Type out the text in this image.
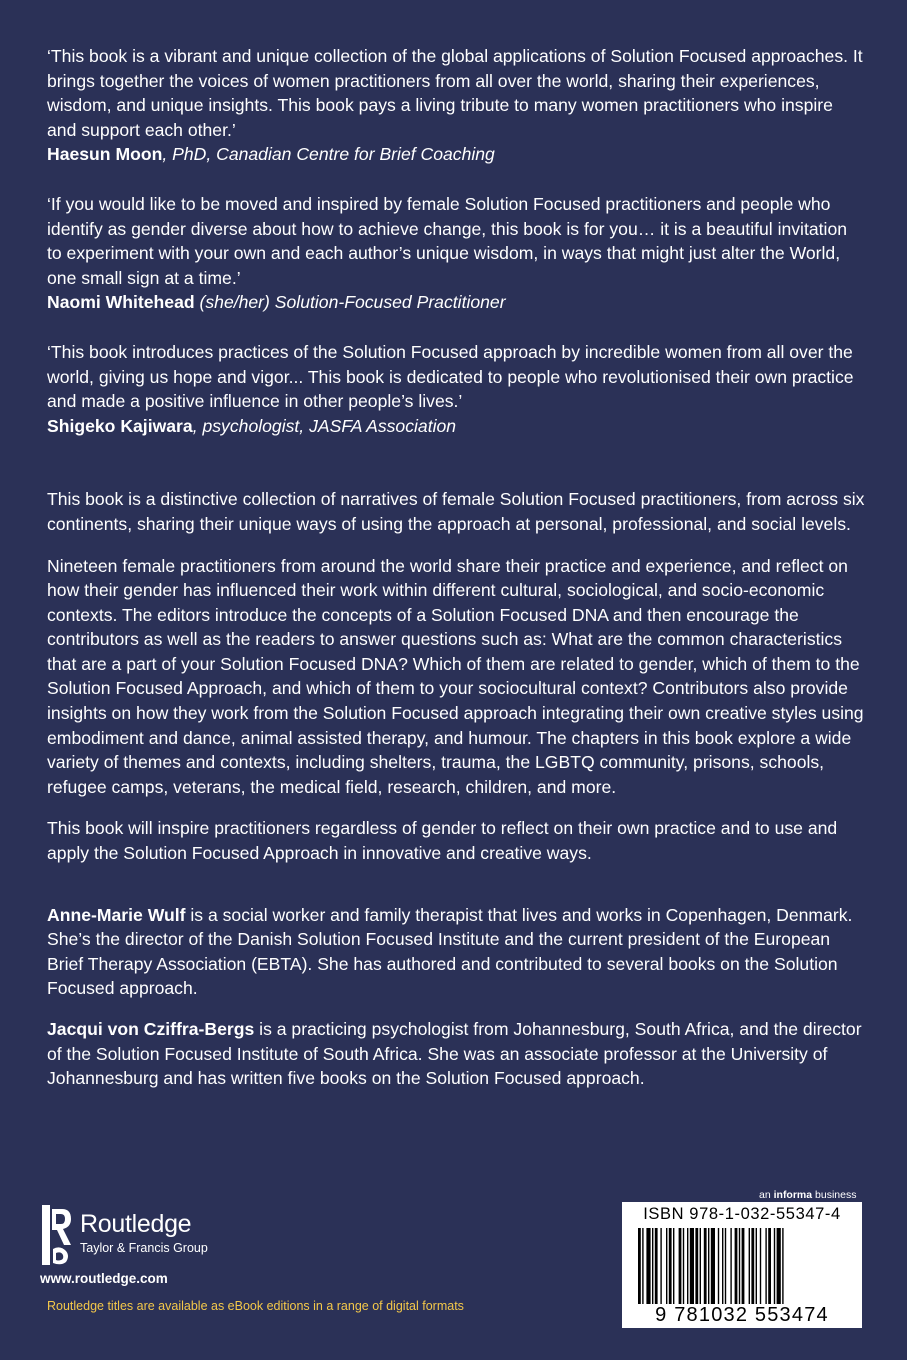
‘This book is a vibrant and unique collection of the global applications of Solution Focused approaches. It brings together the voices of women practitioners from all over the world, sharing their experiences, wisdom, and unique insights. This book pays a living tribute to many women practitioners who inspire and support each other.’
Haesun Moon, PhD, Canadian Centre for Brief Coaching

‘If you would like to be moved and inspired by female Solution Focused practitioners and people who identify as gender diverse about how to achieve change, this book is for you… it is a beautiful invitation to experiment with your own and each author’s unique wisdom, in ways that might just alter the World, one small sign at a time.’
Naomi Whitehead (she/her) Solution-Focused Practitioner

‘This book introduces practices of the Solution Focused approach by incredible women from all over the world, giving us hope and vigor... This book is dedicated to people who revolutionised their own practice and made a positive influence in other people’s lives.’
Shigeko Kajiwara, psychologist, JASFA Association

This book is a distinctive collection of narratives of female Solution Focused practitioners, from across six continents, sharing their unique ways of using the approach at personal, professional, and social levels.

Nineteen female practitioners from around the world share their practice and experience, and reflect on how their gender has influenced their work within different cultural, sociological, and socio-economic contexts. The editors introduce the concepts of a Solution Focused DNA and then encourage the contributors as well as the readers to answer questions such as: What are the common characteristics that are a part of your Solution Focused DNA? Which of them are related to gender, which of them to the Solution Focused Approach, and which of them to your sociocultural context? Contributors also provide insights on how they work from the Solution Focused approach integrating their own creative styles using embodiment and dance, animal assisted therapy, and humour. The chapters in this book explore a wide variety of themes and contexts, including shelters, trauma, the LGBTQ community, prisons, schools, refugee camps, veterans, the medical field, research, children, and more.

This book will inspire practitioners regardless of gender to reflect on their own practice and to use and apply the Solution Focused Approach in innovative and creative ways.

Anne-Marie Wulf is a social worker and family therapist that lives and works in Copenhagen, Denmark. She’s the director of the Danish Solution Focused Institute and the current president of the European Brief Therapy Association (EBTA). She has authored and contributed to several books on the Solution Focused approach.

Jacqui von Cziffra-Bergs is a practicing psychologist from Johannesburg, South Africa, and the director of the Solution Focused Institute of South Africa. She was an associate professor at the University of Johannesburg and has written five books on the Solution Focused approach.

Routledge
Taylor & Francis Group
www.routledge.com
Routledge titles are available as eBook editions in a range of digital formats
an informa business
ISBN 978-1-032-55347-4
9 781032 553474
